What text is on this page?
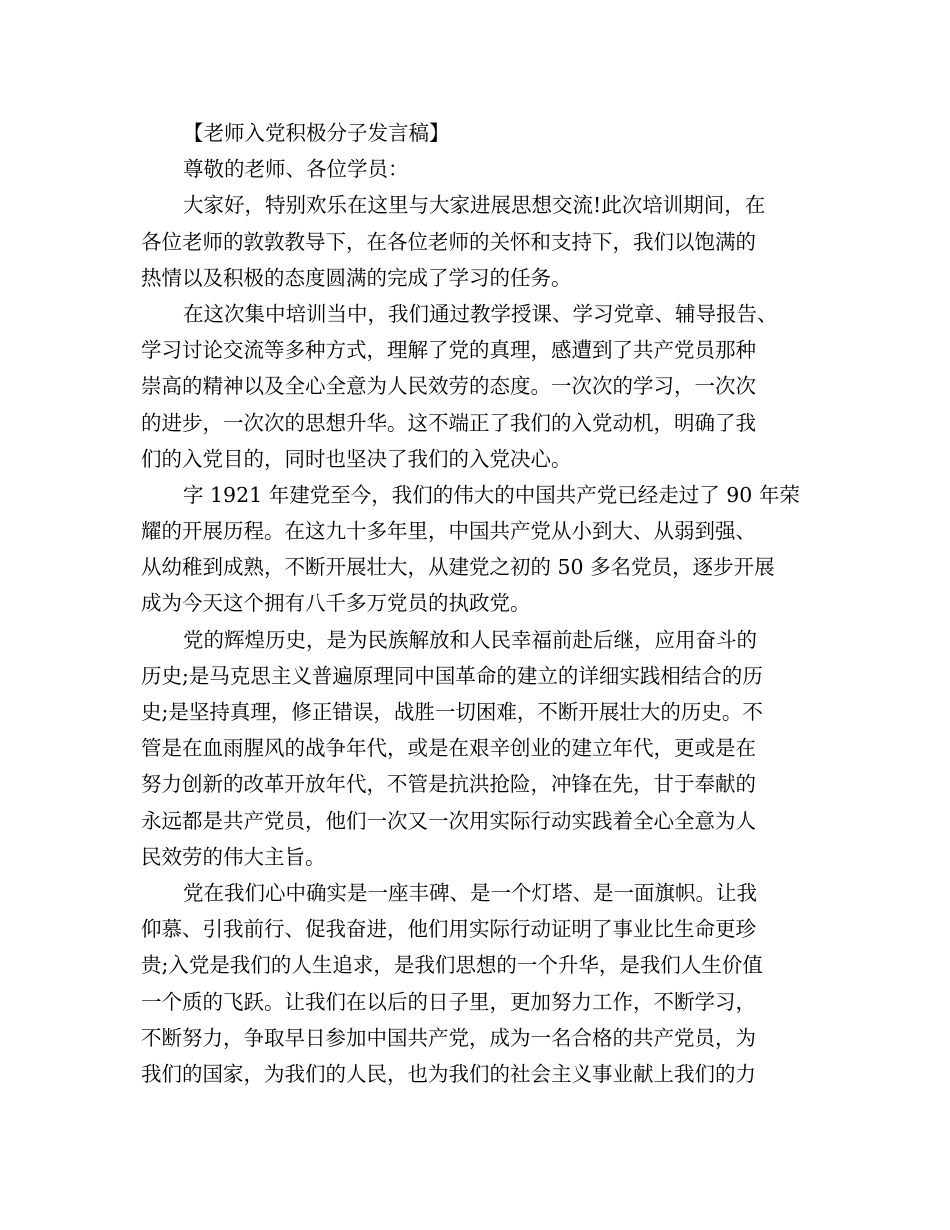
【老师入党积极分子发言稿】
尊敬的老师、各位学员：
大家好，特别欢乐在这里与大家进展思想交流!此次培训期间，在
各位老师的敦敦教导下，在各位老师的关怀和支持下，我们以饱满的
热情以及积极的态度圆满的完成了学习的任务。
在这次集中培训当中，我们通过教学授课、学习党章、辅导报告、
学习讨论交流等多种方式，理解了党的真理，感遭到了共产党员那种
崇高的精神以及全心全意为人民效劳的态度。一次次的学习，一次次
的进步，一次次的思想升华。这不端正了我们的入党动机，明确了我
们的入党目的，同时也坚决了我们的入党决心。
字 1921 年建党至今，我们的伟大的中国共产党已经走过了 90 年荣
耀的开展历程。在这九十多年里，中国共产党从小到大、从弱到强、
从幼稚到成熟，不断开展壮大，从建党之初的 50 多名党员，逐步开展
成为今天这个拥有八千多万党员的执政党。
党的辉煌历史，是为民族解放和人民幸福前赴后继，应用奋斗的
历史;是马克思主义普遍原理同中国革命的建立的详细实践相结合的历
史;是坚持真理，修正错误，战胜一切困难，不断开展壮大的历史。不
管是在血雨腥风的战争年代，或是在艰辛创业的建立年代，更或是在
努力创新的改革开放年代，不管是抗洪抢险，冲锋在先，甘于奉献的
永远都是共产党员，他们一次又一次用实际行动实践着全心全意为人
民效劳的伟大主旨。
党在我们心中确实是一座丰碑、是一个灯塔、是一面旗帜。让我
仰慕、引我前行、促我奋进，他们用实际行动证明了事业比生命更珍
贵;入党是我们的人生追求，是我们思想的一个升华，是我们人生价值
一个质的飞跃。让我们在以后的日子里，更加努力工作，不断学习，
不断努力，争取早日参加中国共产党，成为一名合格的共产党员，为
我们的国家，为我们的人民，也为我们的社会主义事业献上我们的力
